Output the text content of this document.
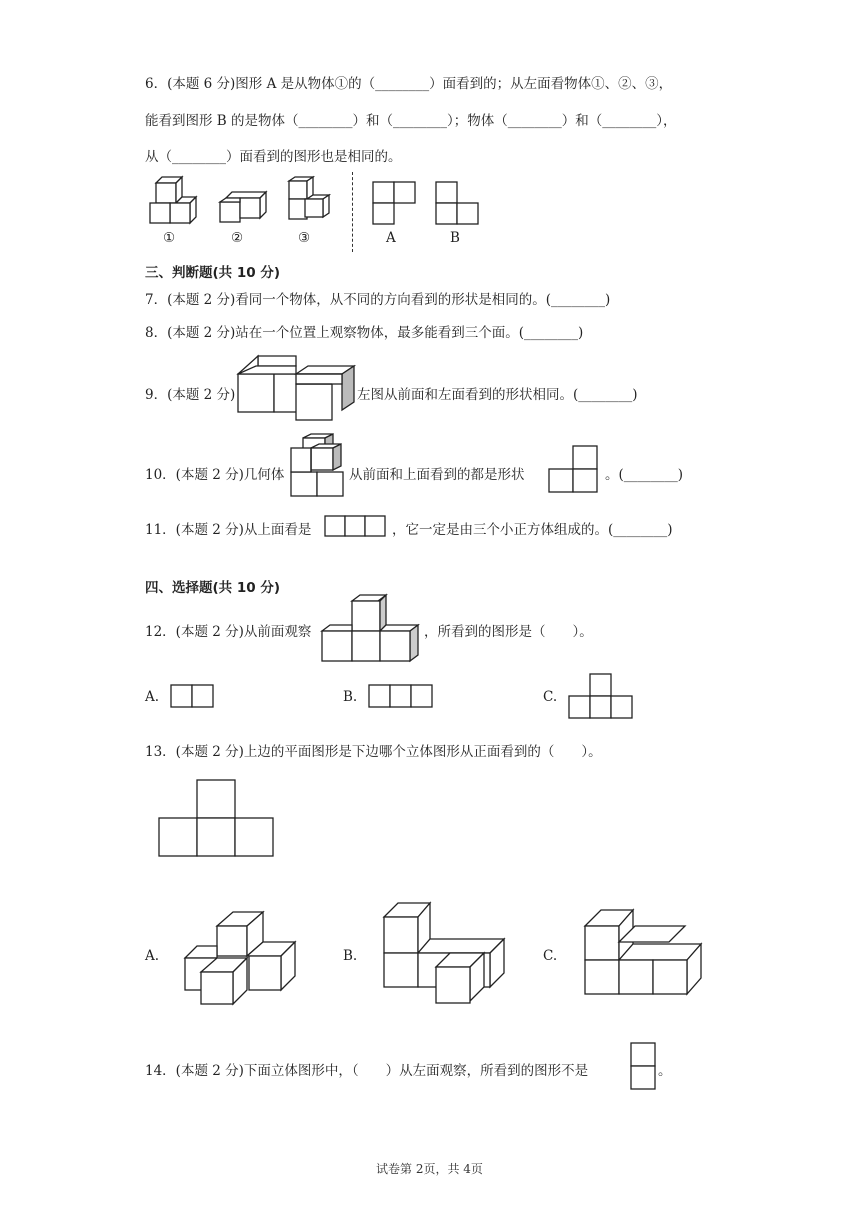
6．(本题 6 分)图形 A 是从物体①的（________）面看到的；从左面看物体①、②、③，
能看到图形 B 的是物体（________）和（________）；物体（________）和（________），
从（________）面看到的图形也是相同的。
①	②	③	A	B
三、判断题(共 10 分)
7．(本题 2 分)看同一个物体，从不同的方向看到的形状是相同的。(________)
8．(本题 2 分)站在一个位置上观察物体，最多能看到三个面。(________)
9．(本题 2 分)	左图从前面和左面看到的形状相同。(________)
10．(本题 2 分)几何体	从前面和上面看到的都是形状	。(________)
11．(本题 2 分)从上面看是	，它一定是由三个小正方体组成的。(________)
四、选择题(共 10 分)
12．(本题 2 分)从前面观察	，所看到的图形是（　　）。
A.	B.	C.
13．(本题 2 分)上边的平面图形是下边哪个立体图形从正面看到的（　　）。
A.	B.	C.
14．(本题 2 分)下面立体图形中，（　　）从左面观察，所看到的图形不是	。
试卷第 2页，共 4页
